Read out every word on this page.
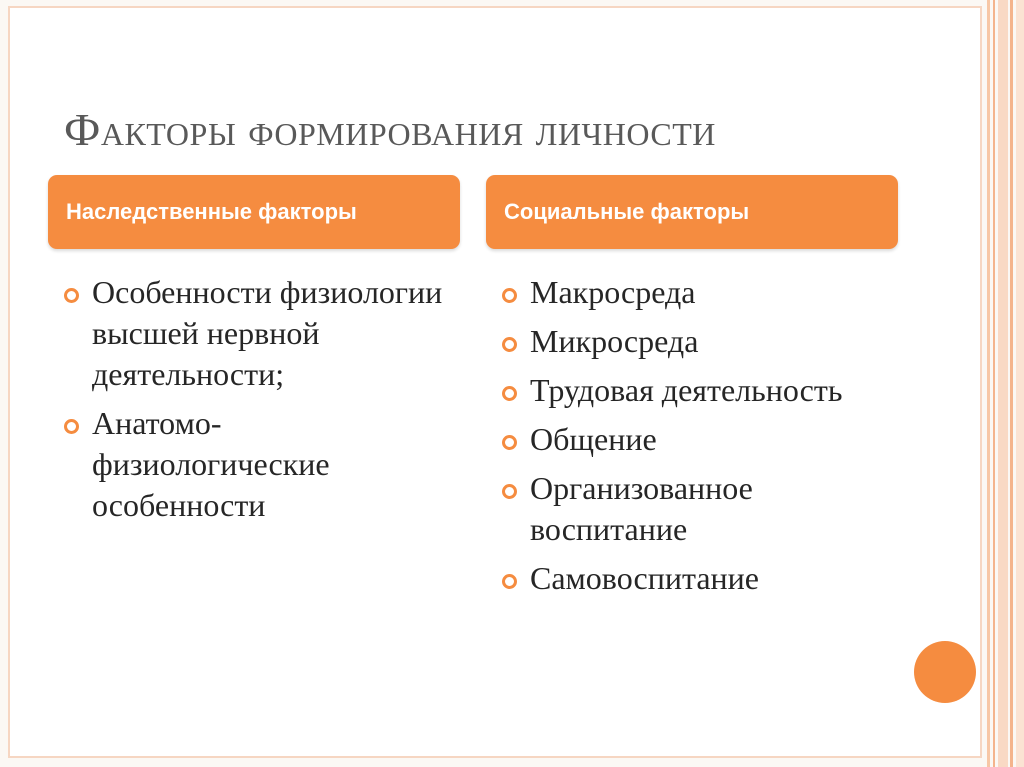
Факторы формирования личности
Наследственные факторы	Социальные факторы
Особенности физиологии высшей нервной деятельности;
Анатомо-физиологические особенности
Макросреда
Микросреда
Трудовая деятельность
Общение
Организованное воспитание
Самовоспитание
